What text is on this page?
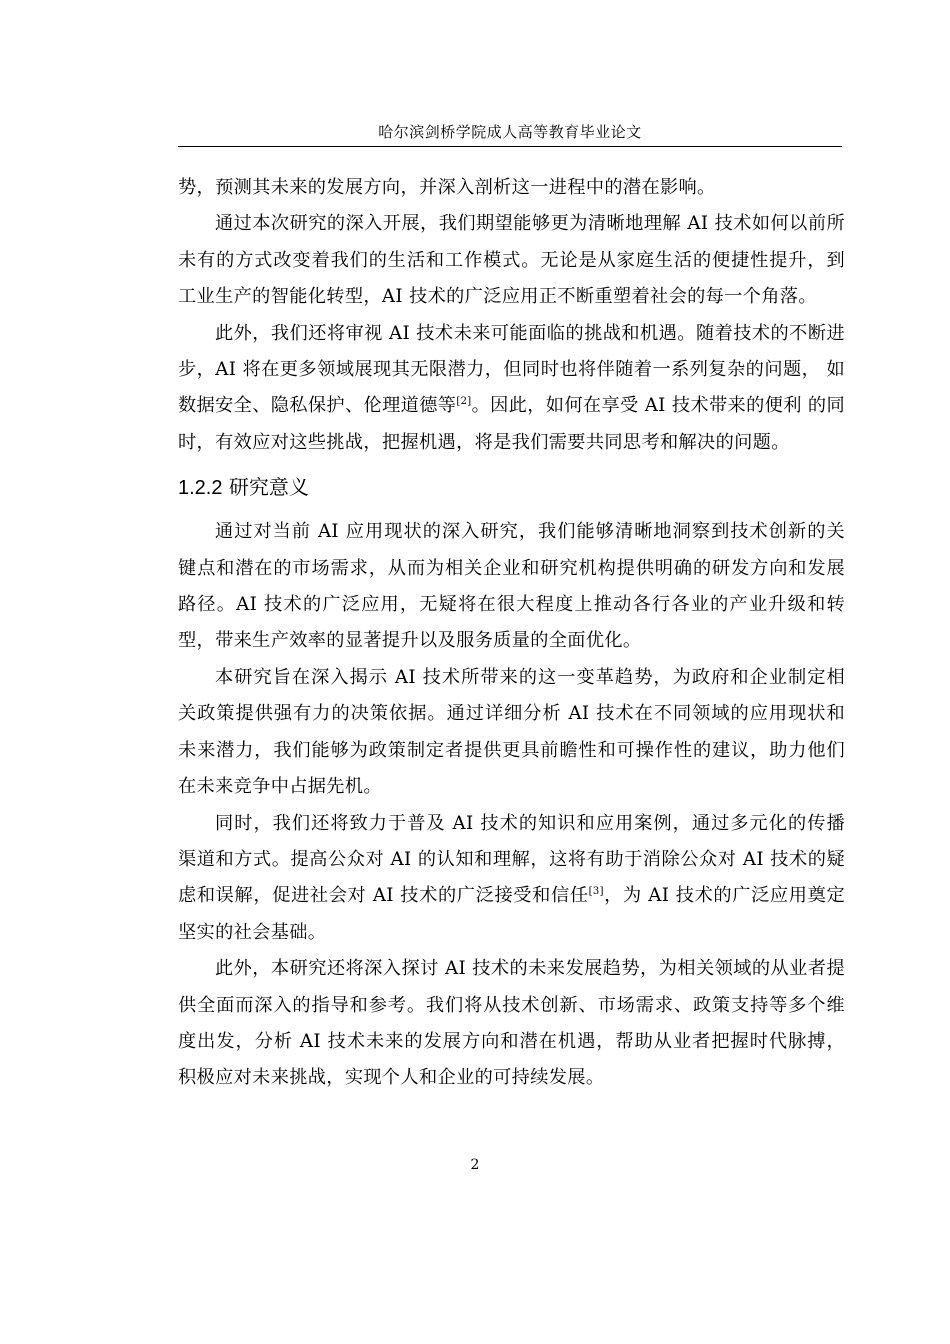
哈尔滨剑桥学院成人高等教育毕业论文

势，预测其未来的发展方向，并深入剖析这一进程中的潜在影响。

通过本次研究的深入开展，我们期望能够更为清晰地理解 AI 技术如何以前所未有的方式改变着我们的生活和工作模式。无论是从家庭生活的便捷性提升，到工业生产的智能化转型，AI 技术的广泛应用正不断重塑着社会的每一个角落。

此外，我们还将审视 AI 技术未来可能面临的挑战和机遇。随着技术的不断进步，AI 将在更多领域展现其无限潜力，但同时也将伴随着一系列复杂的问题， 如数据安全、隐私保护、伦理道德等[2]。因此，如何在享受 AI 技术带来的便利 的同时，有效应对这些挑战，把握机遇，将是我们需要共同思考和解决的问题。

1.2.2 研究意义

通过对当前 AI 应用现状的深入研究，我们能够清晰地洞察到技术创新的关 键点和潜在的市场需求，从而为相关企业和研究机构提供明确的研发方向和发展 路径。AI 技术的广泛应用，无疑将在很大程度上推动各行各业的产业升级和转 型，带来生产效率的显著提升以及服务质量的全面优化。

本研究旨在深入揭示 AI 技术所带来的这一变革趋势，为政府和企业制定相 关政策提供强有力的决策依据。通过详细分析 AI 技术在不同领域的应用现状和 未来潜力，我们能够为政策制定者提供更具前瞻性和可操作性的建议，助力他们 在未来竞争中占据先机。

同时，我们还将致力于普及 AI 技术的知识和应用案例，通过多元化的传播 渠道和方式。提高公众对 AI 的认知和理解，这将有助于消除公众对 AI 技术的疑 虑和误解，促进社会对 AI 技术的广泛接受和信任[3]，为 AI 技术的广泛应用奠定 坚实的社会基础。

此外，本研究还将深入探讨 AI 技术的未来发展趋势，为相关领域的从业者提供全面而深入的指导和参考。我们将从技术创新、市场需求、政策支持等多个维度出发，分析 AI 技术未来的发展方向和潜在机遇，帮助从业者把握时代脉搏， 积极应对未来挑战，实现个人和企业的可持续发展。

2
